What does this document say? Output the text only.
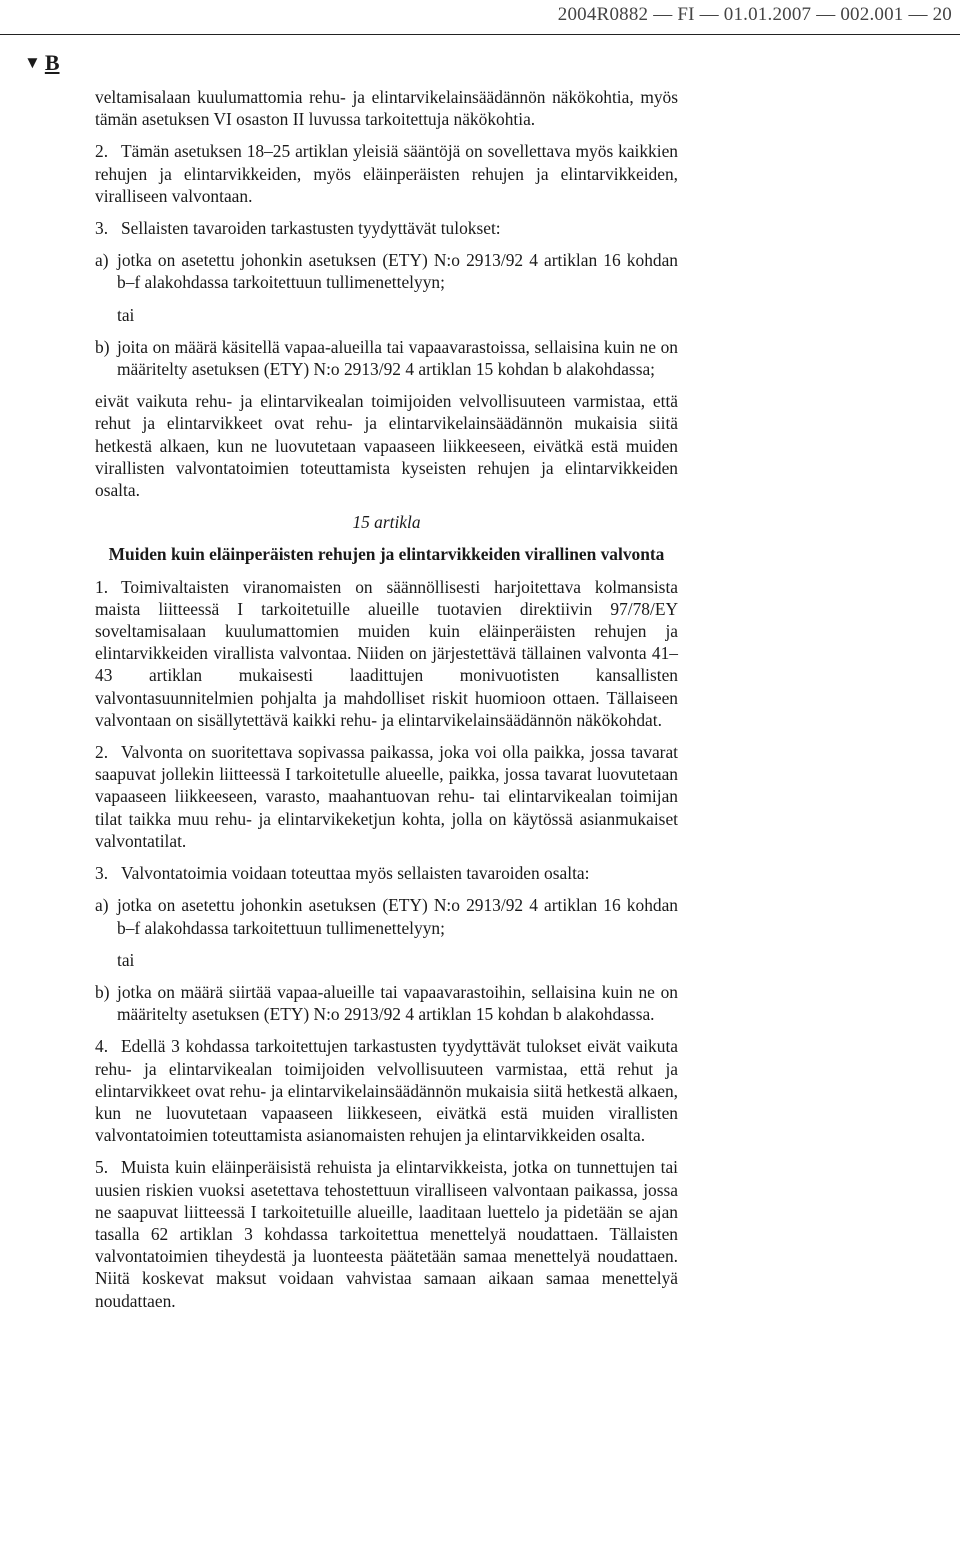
2004R0882 — FI — 01.01.2007 — 002.001 — 20
▼ B

veltamisalaan kuulumattomia rehu- ja elintarvikelainsäädännön näkökohtia, myös tämän asetuksen VI osaston II luvussa tarkoitettuja näkökohtia.

2. Tämän asetuksen 18–25 artiklan yleisiä sääntöjä on sovellettava myös kaikkien rehujen ja elintarvikkeiden, myös eläinperäisten rehujen ja elintarvikkeiden, viralliseen valvontaan.

3. Sellaisten tavaroiden tarkastusten tyydyttävät tulokset:

a) jotka on asetettu johonkin asetuksen (ETY) N:o 2913/92 4 artiklan 16 kohdan b–f alakohdassa tarkoitettuun tullimenettelyyn;

tai

b) joita on määrä käsitellä vapaa-alueilla tai vapaavarastoissa, sellaisina kuin ne on määritelty asetuksen (ETY) N:o 2913/92 4 artiklan 15 kohdan b alakohdassa;

eivät vaikuta rehu- ja elintarvikealan toimijoiden velvollisuuteen varmistaa, että rehut ja elintarvikkeet ovat rehu- ja elintarvikelainsäädännön mukaisia siitä hetkestä alkaen, kun ne luovutetaan vapaaseen liikkeeseen, eivätkä estä muiden virallisten valvontatoimien toteuttamista kyseisten rehujen ja elintarvikkeiden osalta.

15 artikla

Muiden kuin eläinperäisten rehujen ja elintarvikkeiden virallinen valvonta

1. Toimivaltaisten viranomaisten on säännöllisesti harjoitettava kolmansista maista liitteessä I tarkoitetuille alueille tuotavien direktiivin 97/78/EY soveltamisalaan kuulumattomien muiden kuin eläinperäisten rehujen ja elintarvikkeiden virallista valvontaa. Niiden on järjestettävä tällainen valvonta 41–43 artiklan mukaisesti laadittujen monivuotisten kansallisten valvontasuunnitelmien pohjalta ja mahdolliset riskit huomioon ottaen. Tällaiseen valvontaan on sisällytettävä kaikki rehu- ja elintarvikelainsäädännön näkökohdat.

2. Valvonta on suoritettava sopivassa paikassa, joka voi olla paikka, jossa tavarat saapuvat jollekin liitteessä I tarkoitetulle alueelle, paikka, jossa tavarat luovutetaan vapaaseen liikkeeseen, varasto, maahantuovan rehu- tai elintarvikealan toimijan tilat taikka muu rehu- ja elintarvikeketjun kohta, jolla on käytössä asianmukaiset valvontatilat.

3. Valvontatoimia voidaan toteuttaa myös sellaisten tavaroiden osalta:

a) jotka on asetettu johonkin asetuksen (ETY) N:o 2913/92 4 artiklan 16 kohdan b–f alakohdassa tarkoitettuun tullimenettelyyn;

tai

b) jotka on määrä siirtää vapaa-alueille tai vapaavarastoihin, sellaisina kuin ne on määritelty asetuksen (ETY) N:o 2913/92 4 artiklan 15 kohdan b alakohdassa.

4. Edellä 3 kohdassa tarkoitettujen tarkastusten tyydyttävät tulokset eivät vaikuta rehu- ja elintarvikealan toimijoiden velvollisuuteen varmistaa, että rehut ja elintarvikkeet ovat rehu- ja elintarvikelainsäädännön mukaisia siitä hetkestä alkaen, kun ne luovutetaan vapaaseen liikkeseen, eivätkä estä muiden virallisten valvontatoimien toteuttamista asianomaisten rehujen ja elintarvikkeiden osalta.

5. Muista kuin eläinperäisistä rehuista ja elintarvikkeista, jotka on tunnettujen tai uusien riskien vuoksi asetettava tehostettuun viralliseen valvontaan paikassa, jossa ne saapuvat liitteessä I tarkoitetuille alueille, laaditaan luettelo ja pidetään se ajan tasalla 62 artiklan 3 kohdassa tarkoitettua menettelyä noudattaen. Tällaisten valvontatoimien tiheydestä ja luonteesta päätetään samaa menettelyä noudattaen. Niitä koskevat maksut voidaan vahvistaa samaan aikaan samaa menettelyä noudattaen.
